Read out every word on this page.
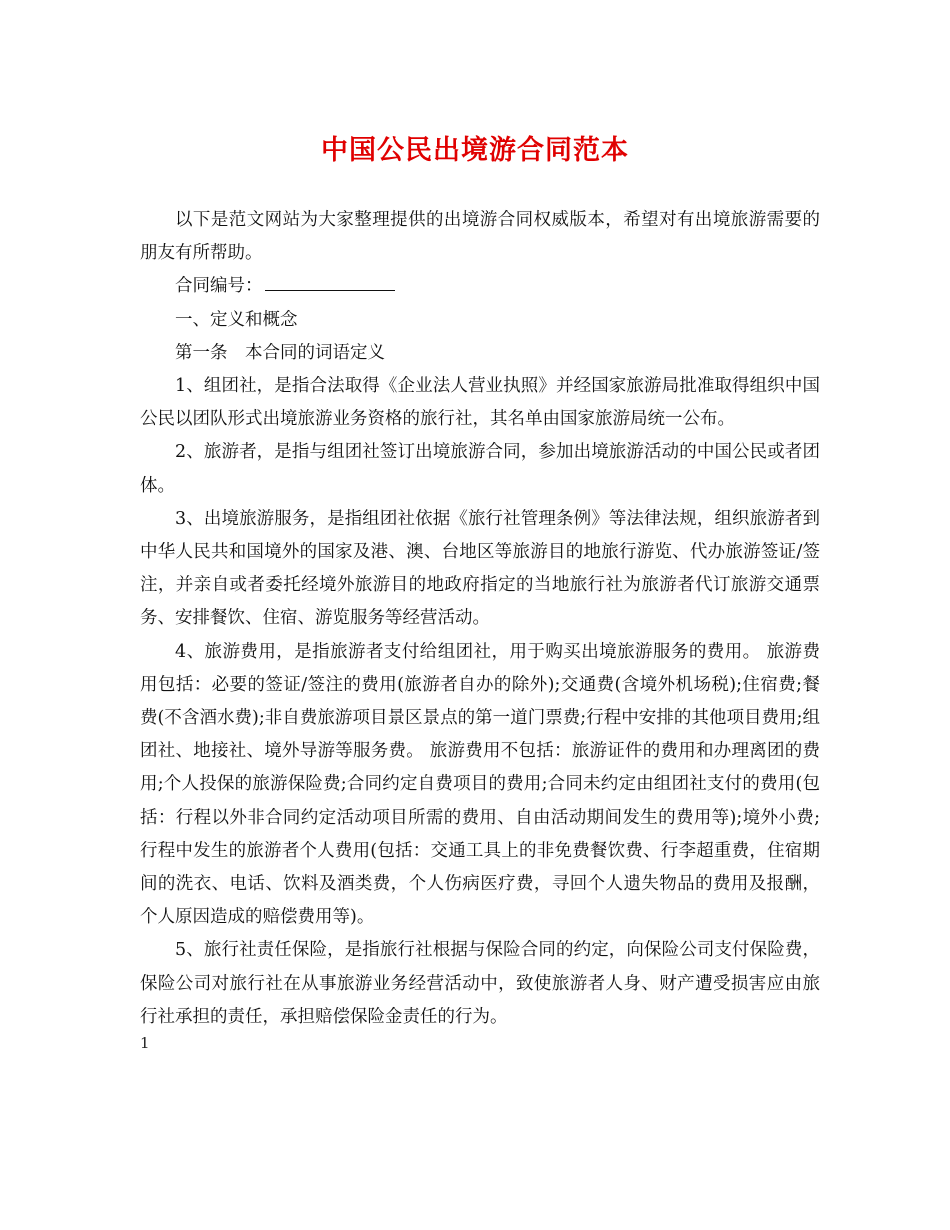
中国公民出境游合同范本

以下是范文网站为大家整理提供的出境游合同权威版本，希望对有出境旅游需要的朋友有所帮助。

合同编号：

一、定义和概念

第一条　本合同的词语定义

1、组团社，是指合法取得《企业法人营业执照》并经国家旅游局批准取得组织中国公民以团队形式出境旅游业务资格的旅行社，其名单由国家旅游局统一公布。

2、旅游者，是指与组团社签订出境旅游合同，参加出境旅游活动的中国公民或者团体。

3、出境旅游服务，是指组团社依据《旅行社管理条例》等法律法规，组织旅游者到中华人民共和国境外的国家及港、澳、台地区等旅游目的地旅行游览、代办旅游签证/签注，并亲自或者委托经境外旅游目的地政府指定的当地旅行社为旅游者代订旅游交通票务、安排餐饮、住宿、游览服务等经营活动。

4、旅游费用，是指旅游者支付给组团社，用于购买出境旅游服务的费用。 旅游费用包括：必要的签证/签注的费用(旅游者自办的除外);交通费(含境外机场税);住宿费;餐费(不含酒水费);非自费旅游项目景区景点的第一道门票费;行程中安排的其他项目费用;组团社、地接社、境外导游等服务费。 旅游费用不包括：旅游证件的费用和办理离团的费用;个人投保的旅游保险费;合同约定自费项目的费用;合同未约定由组团社支付的费用(包括：行程以外非合同约定活动项目所需的费用、自由活动期间发生的费用等);境外小费;行程中发生的旅游者个人费用(包括：交通工具上的非免费餐饮费、行李超重费，住宿期间的洗衣、电话、饮料及酒类费，个人伤病医疗费，寻回个人遗失物品的费用及报酬，个人原因造成的赔偿费用等)。

5、旅行社责任保险，是指旅行社根据与保险合同的约定，向保险公司支付保险费，保险公司对旅行社在从事旅游业务经营活动中，致使旅游者人身、财产遭受损害应由旅行社承担的责任，承担赔偿保险金责任的行为。

1
